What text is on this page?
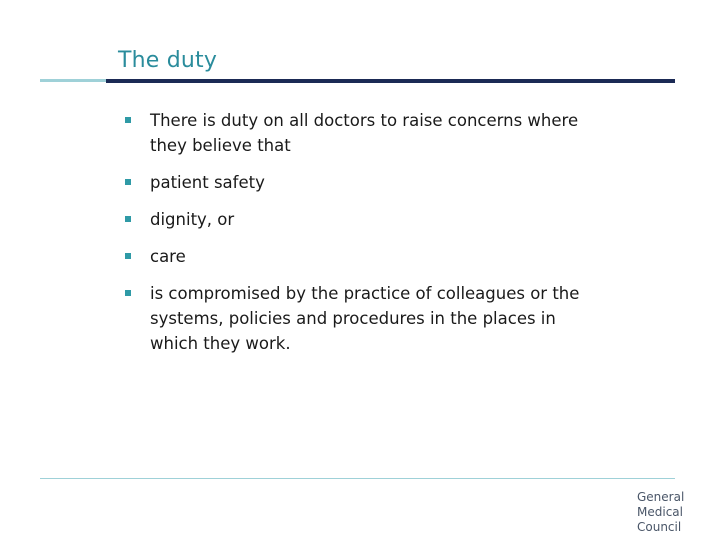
The duty
There is duty on all doctors to raise concerns where they believe that
patient safety
dignity, or
care
is compromised by the practice of colleagues or the systems, policies and procedures in the places in which they work.
General
Medical
Council
